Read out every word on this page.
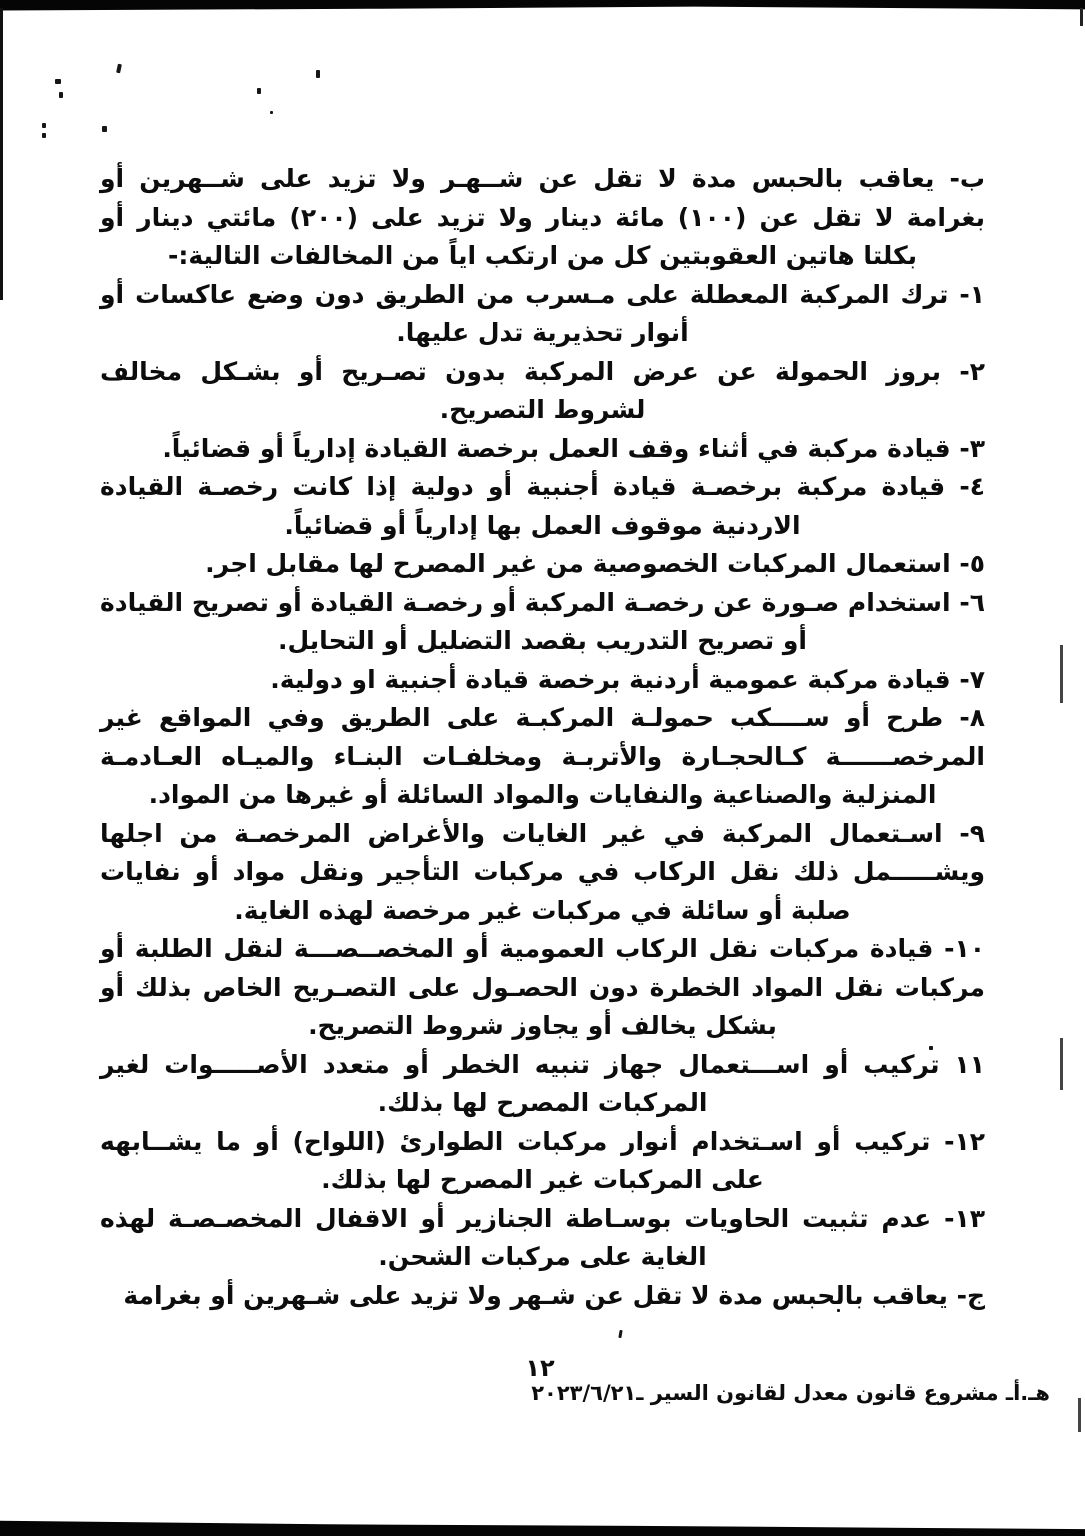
ب- يعاقب بالحبس مدة لا تقل عن شــهـر ولا تزيد على شــهرين أو بغرامة لا تقل عن (١٠٠) مائة دينار ولا تزيد على (٢٠٠) مائتي دينار أو بكلتا هاتين العقوبتين كل من ارتكب اياً من المخالفات التالية:-

١- ترك المركبة المعطلة على مـسرب من الطريق دون وضع عاكسات أو أنوار تحذيرية تدل عليها.

٢- بروز الحمولة عن عرض المركبة بدون تصـريح أو بشـكل مخالف لشروط التصريح.

٣- قيادة مركبة في أثناء وقف العمل برخصة القيادة إدارياً أو قضائياً.

٤- قيادة مركبة برخصـة قيادة أجنبية أو دولية إذا كانت رخصـة القيادة الاردنية موقوف العمل بها إدارياً أو قضائياً.

٥- استعمال المركبات الخصوصية من غير المصرح لها مقابل اجر.

٦- استخدام صـورة عن رخصـة المركبة أو رخصـة القيادة أو تصريح القيادة أو تصريح التدريب بقصد التضليل أو التحايل.

٧- قيادة مركبة عمومية أردنية برخصة قيادة أجنبية او دولية.

٨- طرح أو ســــكب حمولـة المركبـة على الطريق وفي المواقع غير المرخصــــــة كـالحجـارة والأتربـة ومخلفـات البنـاء والميـاه العـادمـة المنزلية والصناعية والنفايات والمواد السائلة أو غيرها من المواد.

٩- اسـتعمال المركبة في غير الغايات والأغراض المرخصـة من اجلها ويشـــــمل ذلك نقل الركاب في مركبات التأجير ونقل مواد أو نفايات صلبة أو سائلة في مركبات غير مرخصة لهذه الغاية.

١٠- قيادة مركبات نقل الركاب العمومية أو المخصــصـــة لنقل الطلبة أو مركبات نقل المواد الخطرة دون الحصـول على التصـريح الخاص بذلك أو بشكل يخالف أو يجاوز شروط التصريح.

١١ تركيب أو اســـتعمال جهاز تنبيه الخطر أو متعدد الأصـــــوات لغير المركبات المصرح لها بذلك.

١٢- تركيب أو اسـتخدام أنوار مركبات الطوارئ (اللواح) أو ما يشــابهه على المركبات غير المصرح لها بذلك.

١٣- عدم تثبيت الحاويات بوسـاطة الجنازير أو الاقفال المخصـصـة لهذه الغاية على مركبات الشحن.

ج- يعاقب بالحبس مدة لا تقل عن شـهر ولا تزيد على شـهرين أو بغرامة

١٢
هـ.أـ مشروع قانون معدل لقانون السير ـ٢٠٢٣/٦/٢١
